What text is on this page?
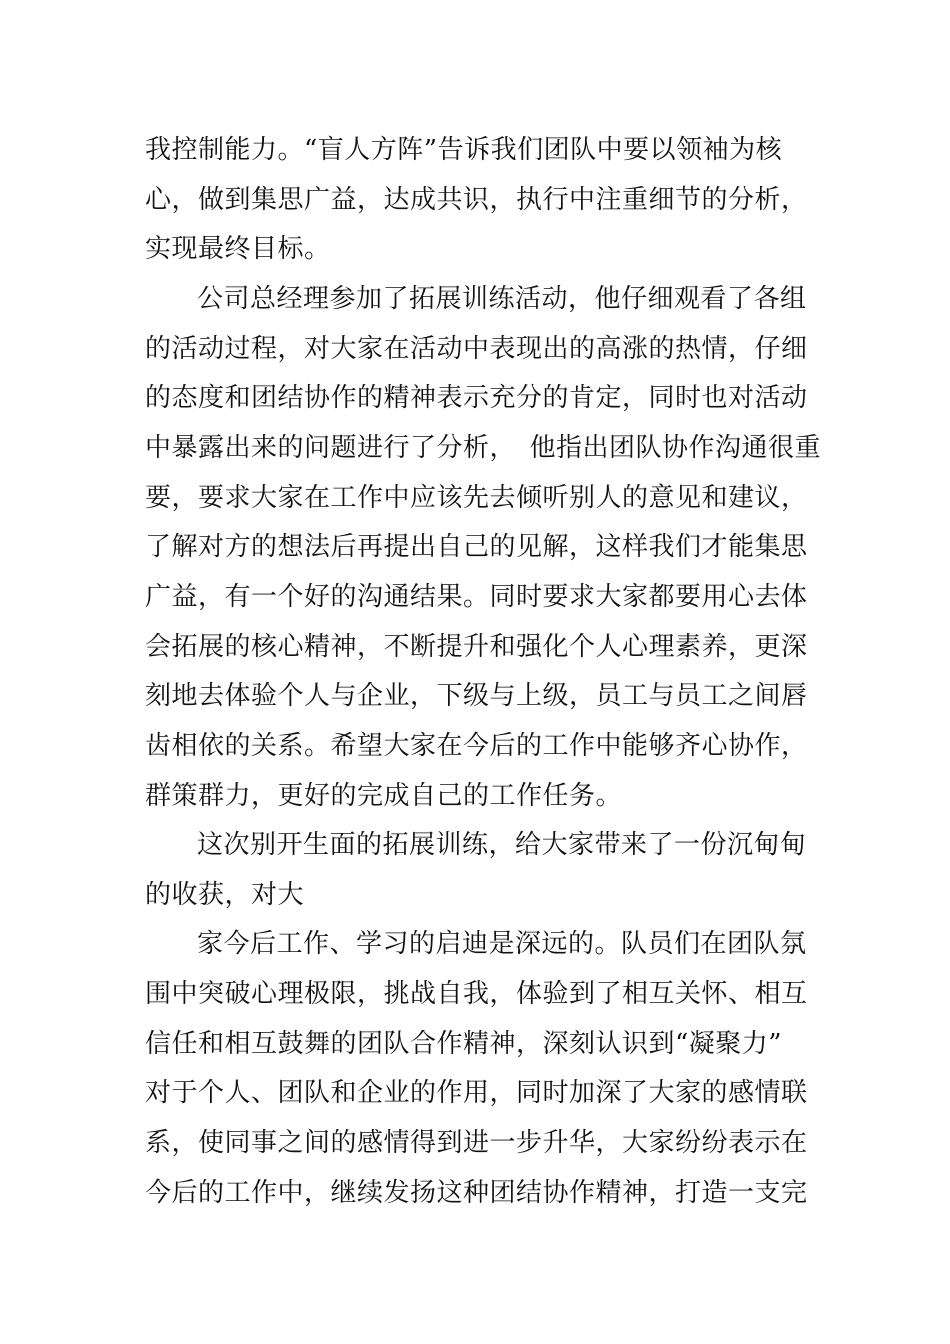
我控制能力。“盲人方阵”告诉我们团队中要以领袖为核
心，做到集思广益，达成共识，执行中注重细节的分析，
实现最终目标。
公司总经理参加了拓展训练活动，他仔细观看了各组
的活动过程，对大家在活动中表现出的高涨的热情，仔细
的态度和团结协作的精神表示充分的肯定，同时也对活动
中暴露出来的问题进行了分析，　他指出团队协作沟通很重
要，要求大家在工作中应该先去倾听别人的意见和建议，
了解对方的想法后再提出自己的见解，这样我们才能集思
广益，有一个好的沟通结果。同时要求大家都要用心去体
会拓展的核心精神，不断提升和强化个人心理素养，更深
刻地去体验个人与企业，下级与上级，员工与员工之间唇
齿相依的关系。希望大家在今后的工作中能够齐心协作，
群策群力，更好的完成自己的工作任务。
这次别开生面的拓展训练，给大家带来了一份沉甸甸
的收获，对大
家今后工作、学习的启迪是深远的。队员们在团队氛
围中突破心理极限，挑战自我，体验到了相互关怀、相互
信任和相互鼓舞的团队合作精神，深刻认识到“凝聚力”
对于个人、团队和企业的作用，同时加深了大家的感情联
系，使同事之间的感情得到进一步升华，大家纷纷表示在
今后的工作中，继续发扬这种团结协作精神，打造一支完
